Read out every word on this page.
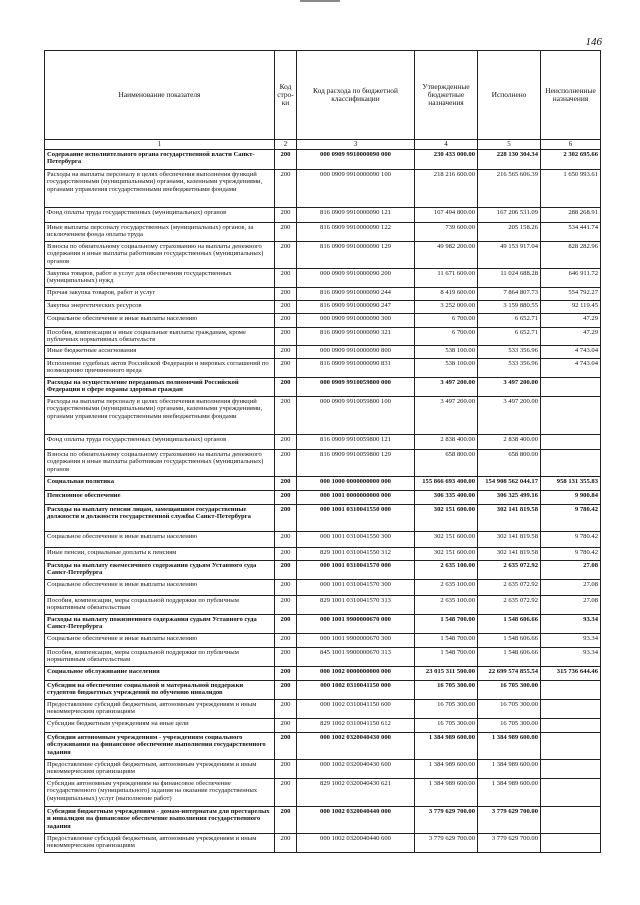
146
Наименование показателя	Код стро- ки	Код расхода по бюджетной классификации	Утвержденные бюджетные назначения	Исполнено	Неисполненные назначения
1	2	3	4	5	6
Содержание исполнительного органа государственной власти Санкт-Петербурга	200	000 0909 9910000090 000	230 433 000.00	228 130 304.34	2 302 695.66
Расходы на выплаты персоналу в целях обеспечения выполнения функций государственными (муниципальными) органами, казенными учреждениями, органами управления государственными внебюджетными фондами	200	000 0909 9910000090 100	218 216 600.00	216 565 606.39	1 650 993.61
Фонд оплаты труда государственных (муниципальных) органов	200	816 0909 9910000090 121	167 494 800.00	167 206 531.09	288 268.91
Иные выплаты персоналу государственных (муниципальных) органов, за исключением фонда оплаты труда	200	816 0909 9910000090 122	739 600.00	205 158.26	534 441.74
Взносы по обязательному социальному страхованию на выплаты денежного содержания и иные выплаты работникам государственных (муниципальных) органов	200	816 0909 9910000090 129	49 982 200.00	49 153 917.04	828 282.96
Закупка товаров, работ и услуг для обеспечения государственных (муниципальных) нужд	200	000 0909 9910000090 200	11 671 600.00	11 024 688.28	646 911.72
Прочая закупка товаров, работ и услуг	200	816 0909 9910000090 244	8 419 600.00	7 864 807.73	554 792.27
Закупка энергетических ресурсов	200	816 0909 9910000090 247	3 252 000.00	3 159 880.55	92 119.45
Социальное обеспечение и иные выплаты населению	200	000 0909 9910000090 300	6 700.00	6 652.71	47.29
Пособия, компенсации и иные социальные выплаты гражданам, кроме публичных нормативных обязательств	200	816 0909 9910000090 321	6 700.00	6 652.71	47.29
Иные бюджетные ассигнования	200	000 0909 9910000090 800	538 100.00	533 356.96	4 743.04
Исполнение судебных актов Российской Федерации и мировых соглашений по возмещению причиненного вреда	200	816 0909 9910000090 831	538 100.00	533 356.96	4 743.04
Расходы на осуществление переданных полномочий Российской Федерации в сфере охраны здоровья граждан	200	000 0909 9910059800 000	3 497 200.00	3 497 200.00	
Расходы на выплаты персоналу в целях обеспечения выполнения функций государственными (муниципальными) органами, казенными учреждениями, органами управления государственными внебюджетными фондами	200	000 0909 9910059800 100	3 497 200.00	3 497 200.00	
Фонд оплаты труда государственных (муниципальных) органов	200	816 0909 9910059800 121	2 838 400.00	2 838 400.00	
Взносы по обязательному социальному страхованию на выплаты денежного содержания и иные выплаты работникам государственных (муниципальных) органов	200	816 0909 9910059800 129	658 800.00	658 800.00	
Социальная политика	200	000 1000 0000000000 000	155 866 693 400.00	154 908 562 044.17	958 131 355.83
Пенсионное обеспечение	200	000 1001 0000000000 000	306 335 400.00	306 325 499.16	9 900.84
Расходы на выплату пенсии лицам, замещавшим государственные должности и должности государственной службы Санкт-Петербурга	200	000 1001 0310041550 000	302 151 600.00	302 141 819.58	9 780.42
Социальное обеспечение и иные выплаты населению	200	000 1001 0310041550 300	302 151 600.00	302 141 819.58	9 780.42
Иные пенсии, социальные доплаты к пенсиям	200	829 1001 0310041550 312	302 151 600.00	302 141 819.58	9 780.42
Расходы на выплату ежемесячного содержания судьям Уставного суда Санкт-Петербурга	200	000 1001 0310041570 000	2 635 100.00	2 635 072.92	27.08
Социальное обеспечение и иные выплаты населению	200	000 1001 0310041570 300	2 635 100.00	2 635 072.92	27.08
Пособия, компенсации, меры социальной поддержки по публичным нормативным обязательствам	200	829 1001 0310041570 313	2 635 100.00	2 635 072.92	27.08
Расходы на выплату пожизненного содержания судьям Уставного суда Санкт-Петербурга	200	000 1001 9900000670 000	1 548 700.00	1 548 606.66	93.34
Социальное обеспечение и иные выплаты населению	200	000 1001 9900000670 300	1 548 700.00	1 548 606.66	93.34
Пособия, компенсации, меры социальной поддержки по публичным нормативным обязательствам	200	845 1001 9900000670 313	1 548 700.00	1 548 606.66	93.34
Социальное обслуживание населения	200	000 1002 0000000000 000	23 015 311 500.00	22 699 574 855.54	315 736 644.46
Субсидии на обеспечение социальной и материальной поддержки студентов бюджетных учреждений по обучению инвалидов	200	000 1002 0310041150 000	16 705 300.00	16 705 300.00	
Предоставление субсидий бюджетным, автономным учреждениям и иным некоммерческим организациям	200	000 1002 0310041150 600	16 705 300.00	16 705 300.00	
Субсидии бюджетным учреждениям на иные цели	200	829 1002 0310041150 612	16 705 300.00	16 705 300.00	
Субсидии автономным учреждениям - учреждениям социального обслуживания на финансовое обеспечение выполнения государственного задания	200	000 1002 0320040430 000	1 384 989 600.00	1 384 989 600.00	
Предоставление субсидий бюджетным, автономным учреждениям и иным некоммерческим организациям	200	000 1002 0320040430 600	1 384 989 600.00	1 384 989 600.00	
Субсидии автономным учреждениям на финансовое обеспечение государственного (муниципального) задания на оказание государственных (муниципальных) услуг (выполнение работ)	200	829 1002 0320040430 621	1 384 989 600.00	1 384 989 600.00	
Субсидии бюджетным учреждениям - домам-интернатам для престарелых и инвалидов на финансовое обеспечение выполнения государственного задания	200	000 1002 0320040440 000	3 779 629 700.00	3 779 629 700.00	
Предоставление субсидий бюджетным, автономным учреждениям и иным некоммерческим организациям	200	000 1002 0320040440 600	3 779 629 700.00	3 779 629 700.00	
